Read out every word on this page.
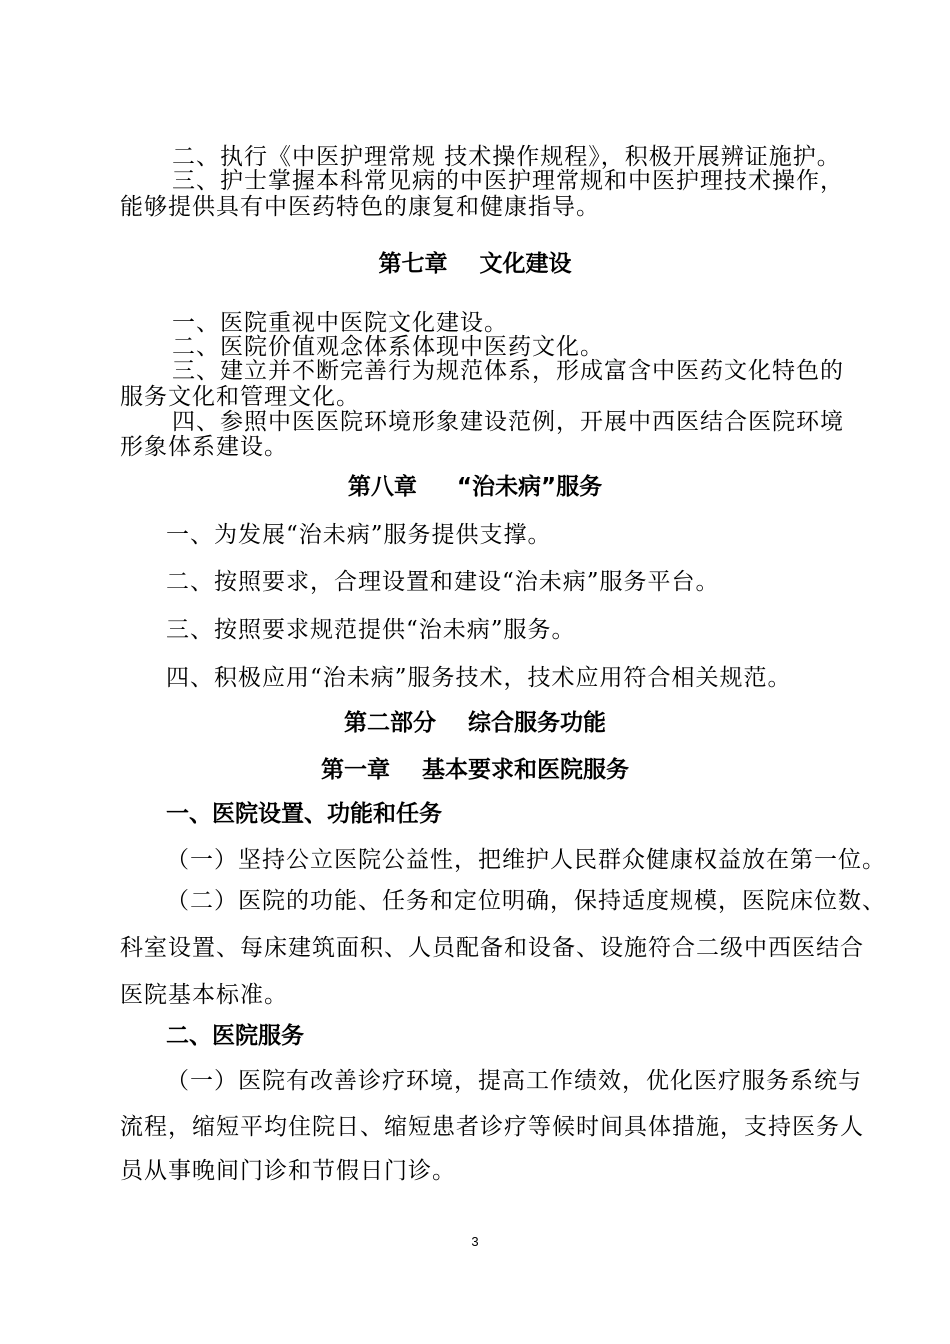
二、执行《中医护理常规 技术操作规程》，积极开展辨证施护。
三、护士掌握本科常见病的中医护理常规和中医护理技术操作，
能够提供具有中医药特色的康复和健康指导。
第七章    文化建设
一、医院重视中医院文化建设。
二、医院价值观念体系体现中医药文化。
三、建立并不断完善行为规范体系，形成富含中医药文化特色的
服务文化和管理文化。
四、参照中医医院环境形象建设范例，开展中西医结合医院环境
形象体系建设。
第八章     “治未病”服务
一、为发展“治未病”服务提供支撑。
二、按照要求，合理设置和建设“治未病”服务平台。
三、按照要求规范提供“治未病”服务。
四、积极应用“治未病”服务技术，技术应用符合相关规范。
第二部分    综合服务功能
第一章    基本要求和医院服务
一、医院设置、功能和任务
（一）坚持公立医院公益性，把维护人民群众健康权益放在第一位。
（二）医院的功能、任务和定位明确，保持适度规模，医院床位数、
科室设置、每床建筑面积、人员配备和设备、设施符合二级中西医结合
医院基本标准。
二、医院服务
（一）医院有改善诊疗环境，提高工作绩效，优化医疗服务系统与
流程，缩短平均住院日、缩短患者诊疗等候时间具体措施，支持医务人
员从事晚间门诊和节假日门诊。
3
